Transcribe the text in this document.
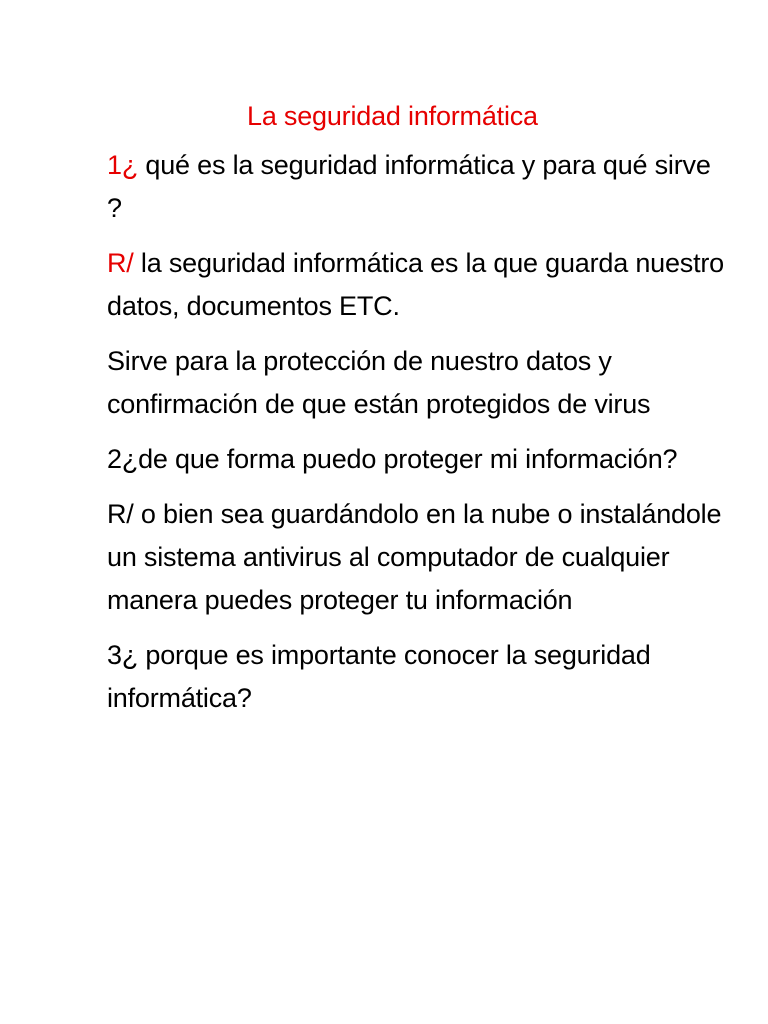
La seguridad informática

1¿ qué es la seguridad informática y para qué sirve ?

R/ la seguridad informática es la que guarda nuestro datos, documentos ETC.

Sirve para la protección de nuestro datos y confirmación de que están protegidos de virus

2¿de que forma puedo proteger mi información?

R/ o bien sea guardándolo en la nube o instalándole un sistema antivirus al computador de cualquier manera puedes proteger tu información

3¿ porque es importante conocer la seguridad informática?
